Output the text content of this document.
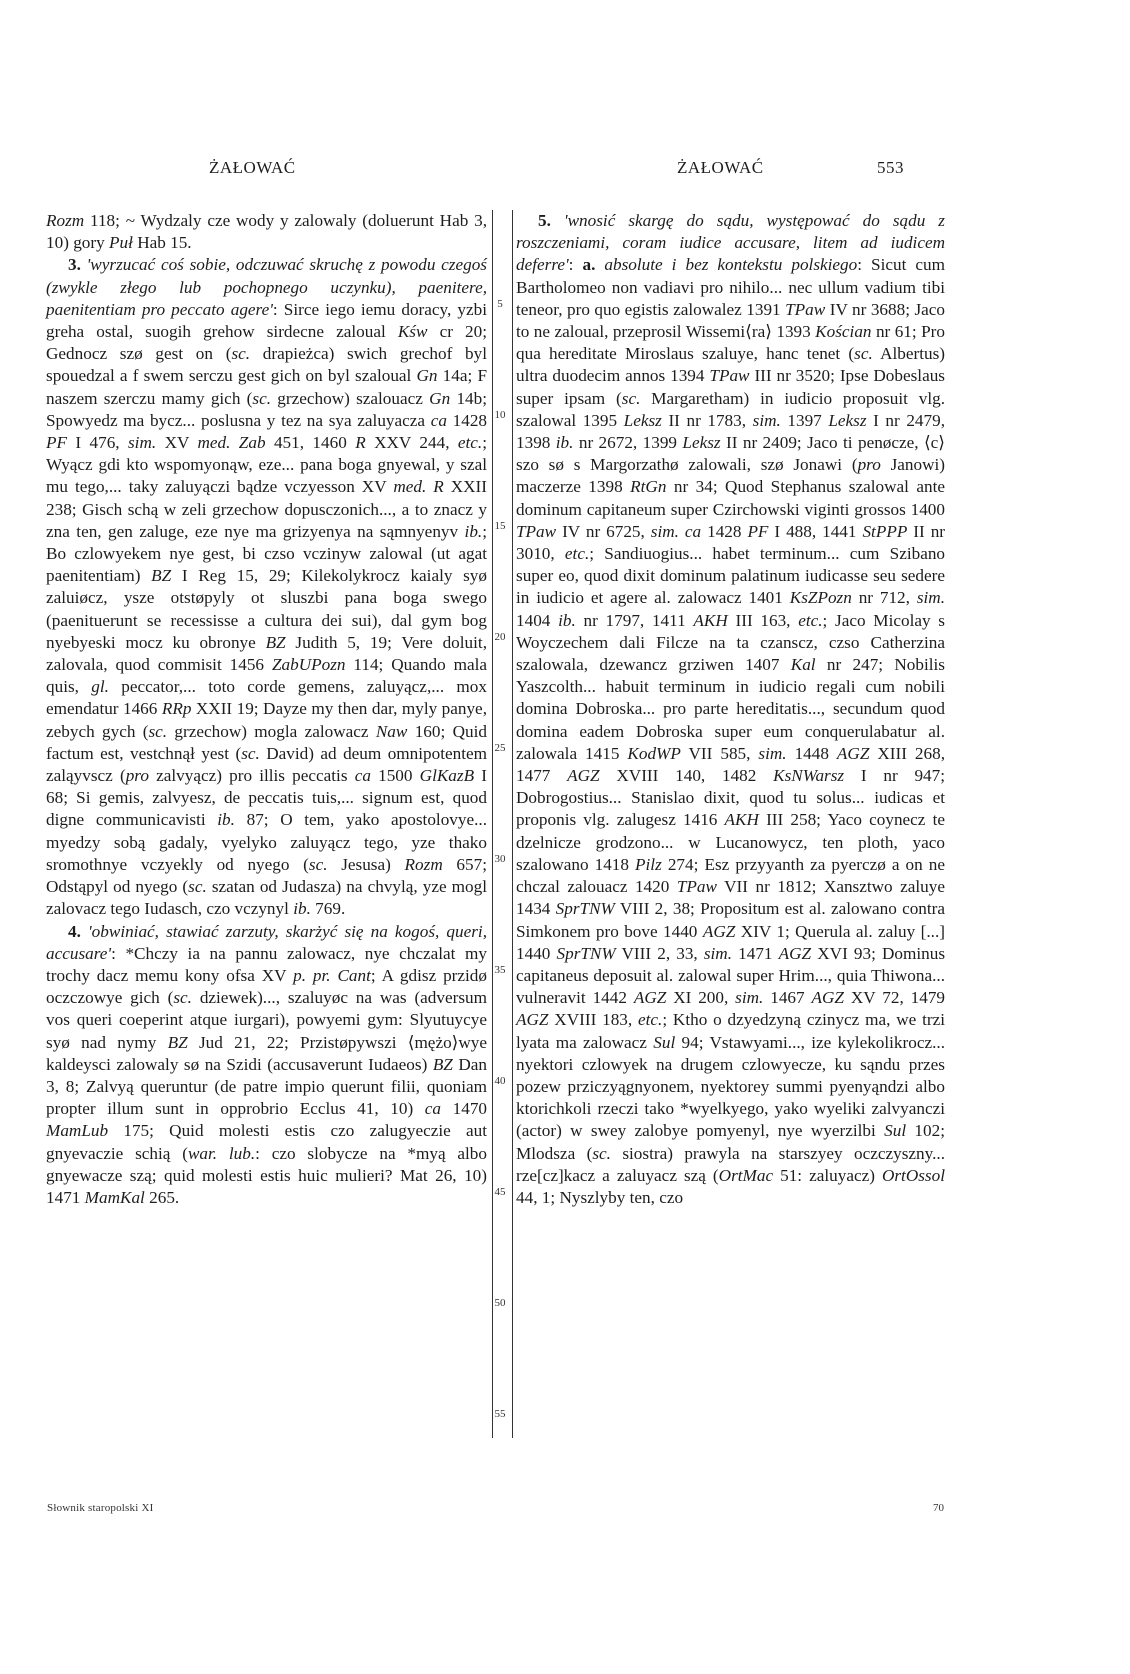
ŻAŁOWAĆ	ŻAŁOWAĆ	553

Rozm 118; ~ Wydzaly cze wody y zalowaly (doluerunt Hab 3, 10) gory Puł Hab 15.

3. 'wyrzucać coś sobie, odczuwać skruchę z powodu czegoś (zwykle złego lub pochopnego uczynku), paenitere, paenitentiam pro peccato agere': Sirce iego iemu doracy, yzbi greha ostal, suogih grehow sirdecne zaloual Kśw cr 20; Gednocz szø gest on (sc. drapieżca) swich grechof byl spouedzal a f swem serczu gest gich on byl szaloual Gn 14a; F naszem szerczu mamy gich (sc. grzechow) szalouacz Gn 14b; Spowyedz ma bycz... poslusna y tez na sya zaluyacza ca 1428 PF I 476, sim. XV med. Zab 451, 1460 R XXV 244, etc.; Wyącz gdi kto wspomyonąw, eze... pana boga gnyewal, y szal mu tego,... taky zaluyączi bądze vczyesson XV med. R XXII 238; Gisch schą w zeli grzechow dopusczonich..., a to znacz y zna ten, gen zaluge, eze nye ma grizyenya na sąmnyenyv ib.; Bo czlowyekem nye gest, bi czso vczinyw zalowal (ut agat paenitentiam) BZ I Reg 15, 29; Kilekolykrocz kaialy syø zaluiøcz, ysze otstøpyly ot sluszbi pana boga swego (paenituerunt se recessisse a cultura dei sui), dal gym bog nyebyeski mocz ku obronye BZ Judith 5, 19; Vere doluit, zalovala, quod commisit 1456 ZabUPozn 114; Quando mala quis, gl. peccator,... toto corde gemens, zaluyącz,... mox emendatur 1466 RRp XXII 19; Dayze my then dar, myly panye, zebych gych (sc. grzechow) mogla zalowacz Naw 160; Quid factum est, vestchnął yest (sc. David) ad deum omnipotentem zaląyvscz (pro zalvyącz) pro illis peccatis ca 1500 GlKazB I 68; Si gemis, zalvyesz, de peccatis tuis,... signum est, quod digne communicavisti ib. 87; O tem, yako apostolovye... myedzy sobą gadaly, vyelyko zaluyącz tego, yze thako sromothnye vczyekly od nyego (sc. Jesusa) Rozm 657; Odstąpyl od nyego (sc. szatan od Judasza) na chvylą, yze mogl zalovacz tego Iudasch, czo vczynyl ib. 769.

4. 'obwiniać, stawiać zarzuty, skarżyć się na kogoś, queri, accusare': *Chczy ia na pannu zalowacz, nye chczalat my trochy dacz memu kony ofsa XV p. pr. Cant; A gdisz przidø oczczowye gich (sc. dziewek)..., szaluyøc na was (adversum vos queri coeperint atque iurgari), powyemi gym: Slyutuycye syø nad nymy BZ Jud 21, 22; Przistøpywszi ⟨mężo⟩wye kaldeysci zalowaly sø na Szidi (accusaverunt Iudaeos) BZ Dan 3, 8; Zalvyą queruntur (de patre impio querunt filii, quoniam propter illum sunt in opprobrio Ecclus 41, 10) ca 1470 MamLub 175; Quid molesti estis czo zalugyeczie aut gnyevaczie schią (war. lub.: czo slobycze na *myą albo gnyewacze szą; quid molesti estis huic mulieri? Mat 26, 10) 1471 MamKal 265.

5
10
15
20
25
30
35
40
45
50
55

5. 'wnosić skargę do sądu, występować do sądu z roszczeniami, coram iudice accusare, litem ad iudicem deferre': a. absolute i bez kontekstu polskiego: Sicut cum Bartholomeo non vadiavi pro nihilo... nec ullum vadium tibi teneor, pro quo egistis zalowalez 1391 TPaw IV nr 3688; Jaco to ne zaloual, przeprosil Wissemi⟨ra⟩ 1393 Kościan nr 61; Pro qua hereditate Miroslaus szaluye, hanc tenet (sc. Albertus) ultra duodecim annos 1394 TPaw III nr 3520; Ipse Dobeslaus super ipsam (sc. Margaretham) in iudicio proposuit vlg. szalowal 1395 Leksz II nr 1783, sim. 1397 Leksz I nr 2479, 1398 ib. nr 2672, 1399 Leksz II nr 2409; Jaco ti penøcze, ⟨c⟩szo sø s Margorzathø zalowali, szø Jonawi (pro Janowi) maczerze 1398 RtGn nr 34; Quod Stephanus szalowal ante dominum capitaneum super Czirchowski viginti grossos 1400 TPaw IV nr 6725, sim. ca 1428 PF I 488, 1441 StPPP II nr 3010, etc.; Sandiuogius... habet terminum... cum Szibano super eo, quod dixit dominum palatinum iudicasse seu sedere in iudicio et agere al. zalowacz 1401 KsZPozn nr 712, sim. 1404 ib. nr 1797, 1411 AKH III 163, etc.; Jaco Micolay s Woyczechem dali Filcze na ta czanscz, czso Catherzina szalowala, dzewancz grziwen 1407 Kal nr 247; Nobilis Yaszcolth... habuit terminum in iudicio regali cum nobili domina Dobroska... pro parte hereditatis..., secundum quod domina eadem Dobroska super eum conquerulabatur al. zalowala 1415 KodWP VII 585, sim. 1448 AGZ XIII 268, 1477 AGZ XVIII 140, 1482 KsNWarsz I nr 947; Dobrogostius... Stanislao dixit, quod tu solus... iudicas et proponis vlg. zalugesz 1416 AKH III 258; Yaco coynecz te dzelnicze grodzono... w Lucanowycz, ten ploth, yaco szalowano 1418 Pilz 274; Esz przyyanth za pyerczø a on ne chczal zalouacz 1420 TPaw VII nr 1812; Xansztwo zaluye 1434 SprTNW VIII 2, 38; Propositum est al. zalowano contra Simkonem pro bove 1440 AGZ XIV 1; Querula al. zaluy [...] 1440 SprTNW VIII 2, 33, sim. 1471 AGZ XVI 93; Dominus capitaneus deposuit al. zalowal super Hrim..., quia Thiwona... vulneravit 1442 AGZ XI 200, sim. 1467 AGZ XV 72, 1479 AGZ XVIII 183, etc.; Ktho o dzyedzyną czinycz ma, we trzi lyata ma zalowacz Sul 94; Vstawyami..., ize kylekolikrocz... nyektori czlowyek na drugem czlowyecze, ku sąndu przes pozew prziczyągnyonem, nyektorey summi pyenyąndzi albo ktorichkoli rzeczi tako *wyelkyego, yako wyeliki zalvyanczi (actor) w swey zalobye pomyenyl, nye wyerzilbi Sul 102; Mlodsza (sc. siostra) prawyla na starszyey oczczyszny... rze[cz]kacz a zaluyacz szą (OrtMac 51: zaluyacz) OrtOssol 44, 1; Nyszlyby ten, czo

Słownik staropolski XI	70
